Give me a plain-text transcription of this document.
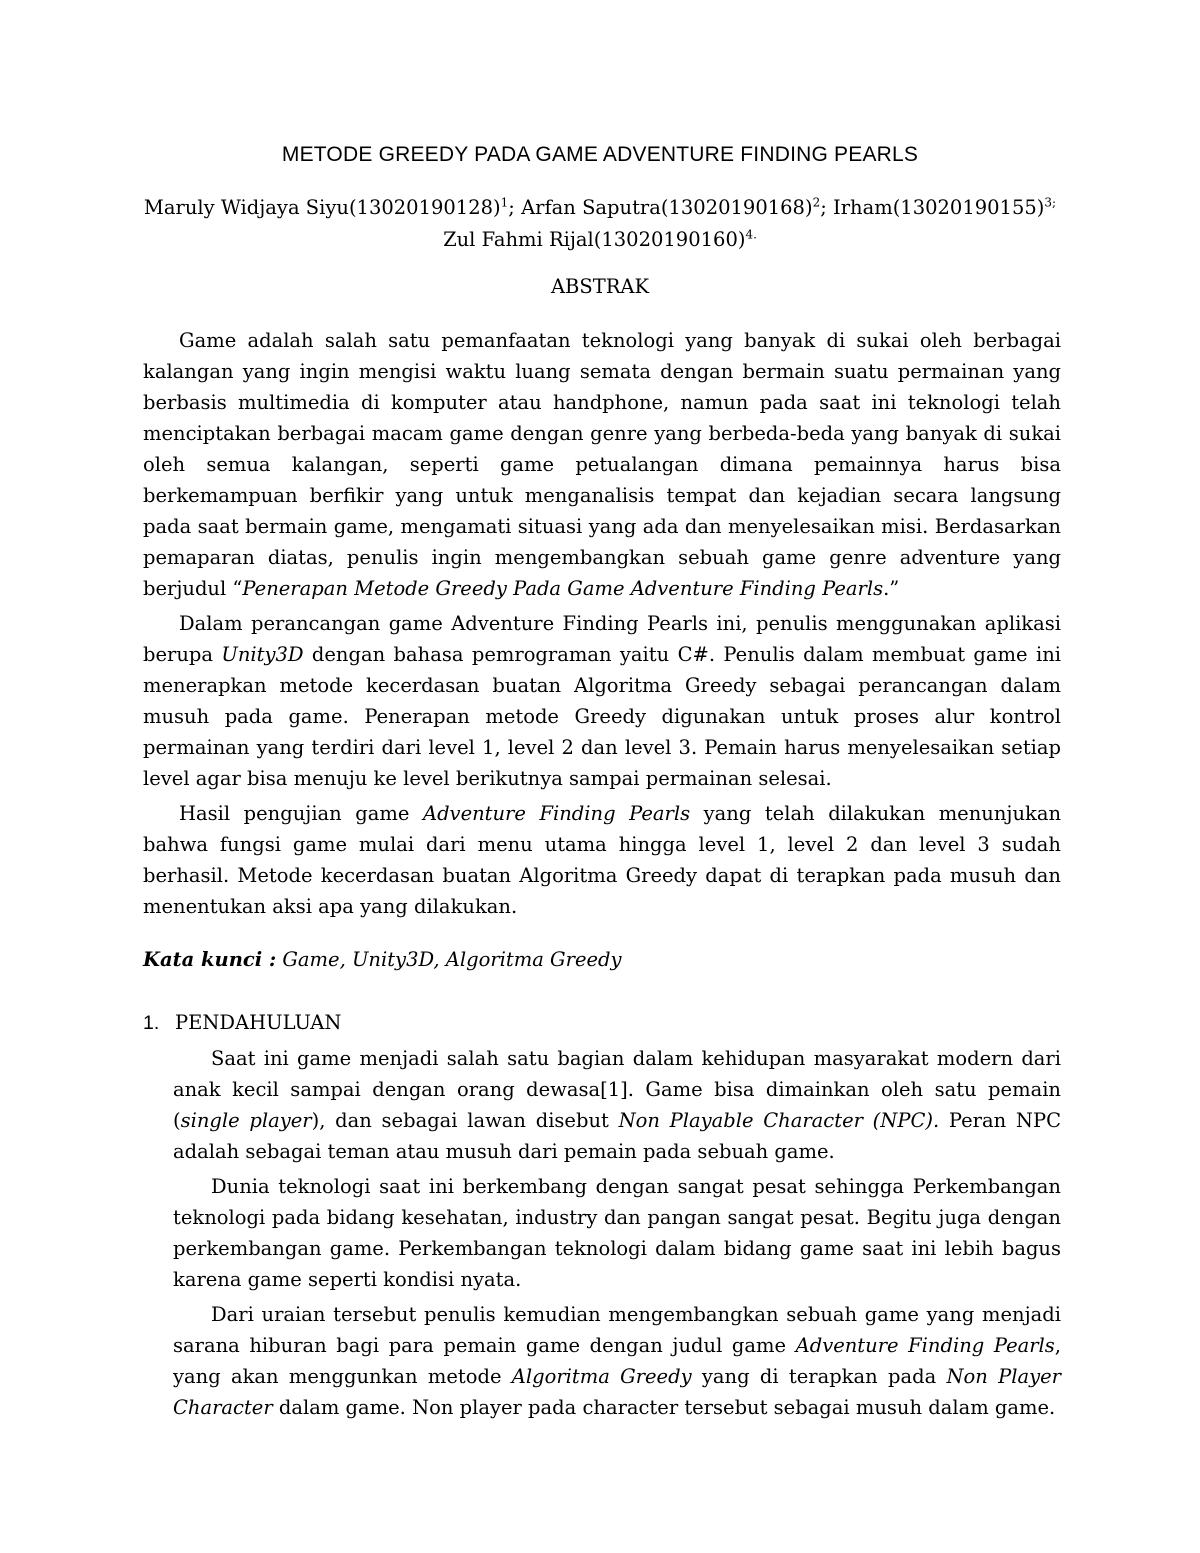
METODE GREEDY PADA GAME ADVENTURE FINDING PEARLS
Maruly Widjaya $Siyu(13020190128)^1$; Arfan $Saputra(13020190168)^2$; $Irham(13020190155)^{3;}$ Zul Fahmi $Rijal(13020190160)^{4.}$
ABSTRAK

Game adalah salah satu pemanfaatan teknologi yang banyak di sukai oleh berbagai kalangan yang ingin mengisi waktu luang semata dengan bermain suatu permainan yang berbasis multimedia di komputer atau handphone, namun pada saat ini teknologi telah menciptakan berbagai macam game dengan genre yang berbeda-beda yang banyak di sukai oleh semua kalangan, seperti game petualangan dimana pemainnya harus bisa berkemampuan berfikir yang untuk menganalisis tempat dan kejadian secara langsung pada saat bermain game, mengamati situasi yang ada dan menyelesaikan misi. Berdasarkan pemaparan diatas, penulis ingin mengembangkan sebuah game genre adventure yang berjudul “Penerapan Metode Greedy Pada Game Adventure Finding Pearls.”

Dalam perancangan game Adventure Finding Pearls ini, penulis menggunakan aplikasi berupa Unity3D dengan bahasa pemrograman yaitu C#. Penulis dalam membuat game ini menerapkan metode kecerdasan buatan Algoritma Greedy sebagai perancangan dalam musuh pada game. Penerapan metode Greedy digunakan untuk proses alur kontrol permainan yang terdiri dari level 1, level 2 dan level 3. Pemain harus menyelesaikan setiap level agar bisa menuju ke level berikutnya sampai permainan selesai.

Hasil pengujian game Adventure Finding Pearls yang telah dilakukan menunjukan bahwa fungsi game mulai dari menu utama hingga level 1, level 2 dan level 3 sudah berhasil. Metode kecerdasan buatan Algoritma Greedy dapat di terapkan pada musuh dan menentukan aksi apa yang dilakukan.

Kata kunci : Game, Unity3D, Algoritma Greedy
1. PENDAHULUAN

Saat ini game menjadi salah satu bagian dalam kehidupan masyarakat modern dari anak kecil sampai dengan orang dewasa[1]. Game bisa dimainkan oleh satu pemain (single player), dan sebagai lawan disebut Non Playable Character (NPC). Peran NPC adalah sebagai teman atau musuh dari pemain pada sebuah game.

Dunia teknologi saat ini berkembang dengan sangat pesat sehingga Perkembangan teknologi pada bidang kesehatan, industry dan pangan sangat pesat. Begitu juga dengan perkembangan game. Perkembangan teknologi dalam bidang game saat ini lebih bagus karena game seperti kondisi nyata.

Dari uraian tersebut penulis kemudian mengembangkan sebuah game yang menjadi sarana hiburan bagi para pemain game dengan judul game Adventure Finding Pearls, yang akan menggunkan metode Algoritma Greedy yang di terapkan pada Non Player Character dalam game. Non player pada character tersebut sebagai musuh dalam game.
